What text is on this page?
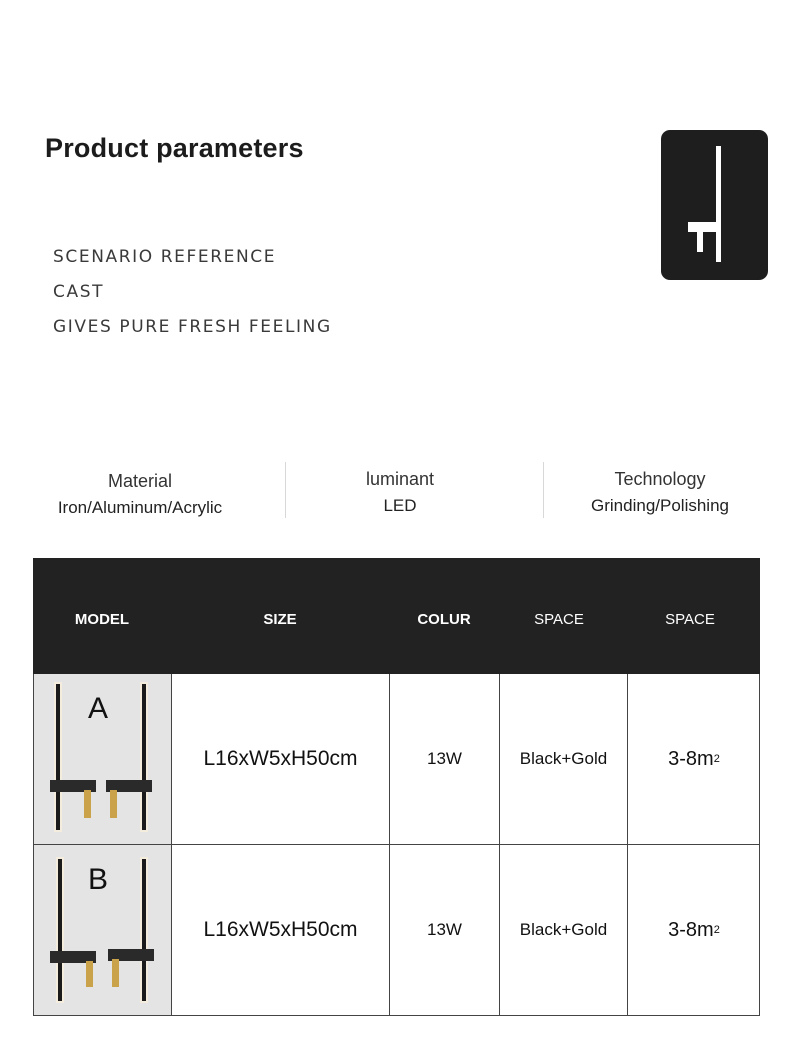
Product parameters
SCENARIO REFERENCE
CAST
GIVES PURE FRESH FEELING
Material
Iron/Aluminum/Acrylic
luminant
LED
Technology
Grinding/Polishing
MODEL	SIZE	COLUR	SPACE	SPACE
A
L16xW5xH50cm	13W	Black+Gold	3-8m 2
B
L16xW5xH50cm	13W	Black+Gold	3-8m 2
